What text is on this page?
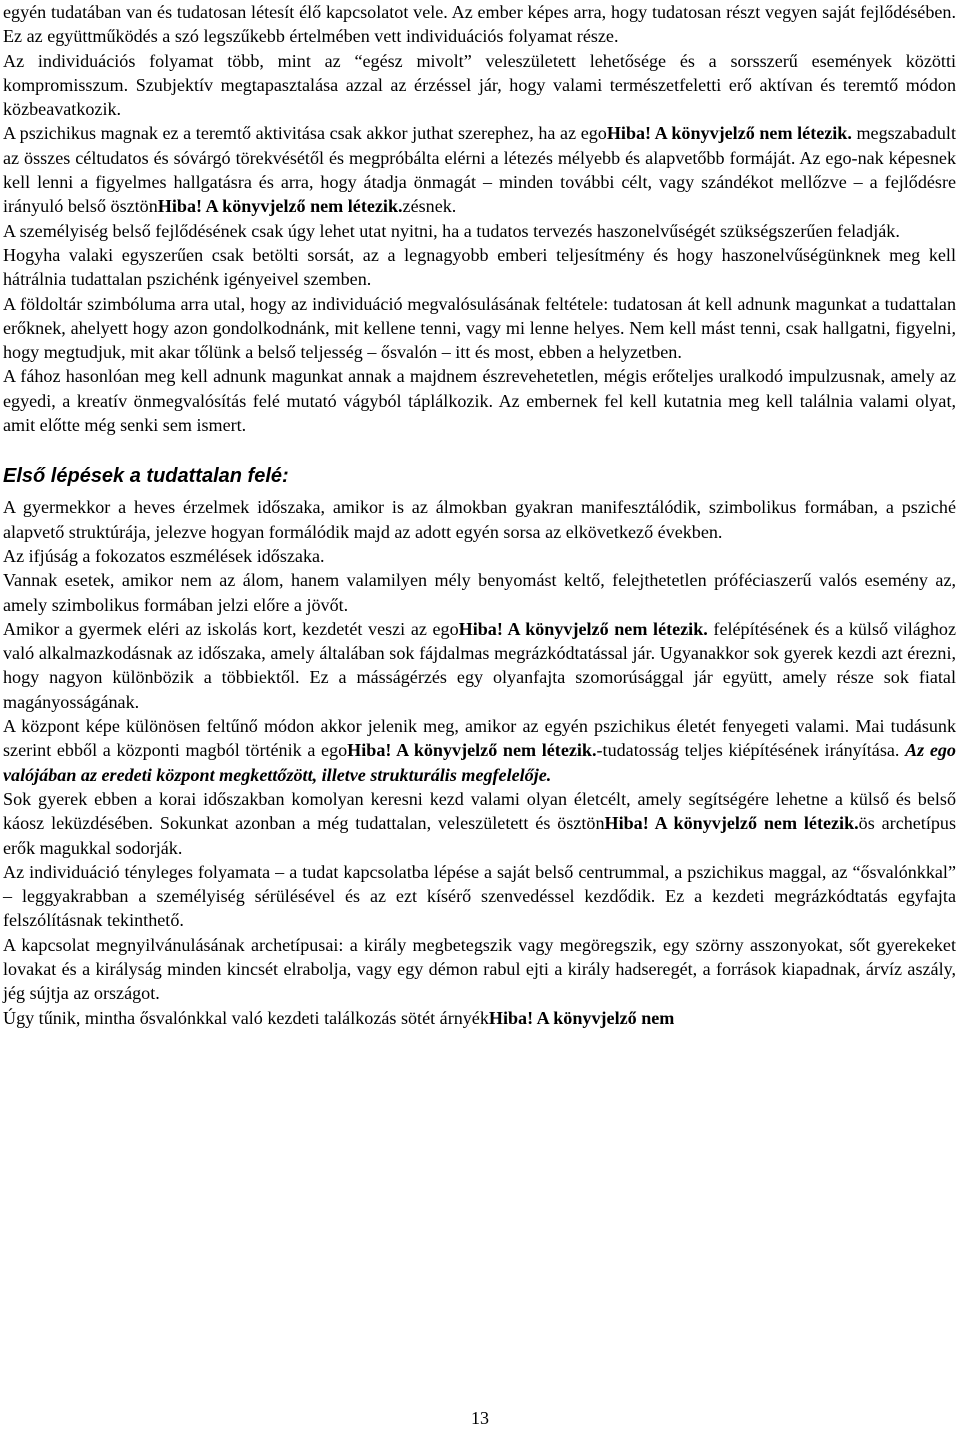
egyén tudatában van és tudatosan létesít élő kapcsolatot vele. Az ember képes arra, hogy tudatosan részt vegyen saját fejlődésében. Ez az együttműködés a szó legszűkebb értelmében vett individuációs folyamat része.

Az individuációs folyamat több, mint az “egész mivolt” veleszületett lehetősége és a sorsszerű események közötti kompromisszum. Szubjektív megtapasztalása azzal az érzéssel jár, hogy valami természetfeletti erő aktívan és teremtő módon közbeavatkozik.

A pszichikus magnak ez a teremtő aktivitása csak akkor juthat szerephez, ha az egoHiba! A könyvjelző nem létezik. megszabadult az összes céltudatos és sóvárgó törekvésétől és megpróbálta elérni a létezés mélyebb és alapvetőbb formáját. Az ego-nak képesnek kell lenni a figyelmes hallgatásra és arra, hogy átadja önmagát – minden további célt, vagy szándékot mellőzve – a fejlődésre irányuló belső ösztönHiba! A könyvjelző nem létezik.zésnek.

A személyiség belső fejlődésének csak úgy lehet utat nyitni, ha a tudatos tervezés haszonelvűségét szükségszerűen feladják.

Hogyha valaki egyszerűen csak betölti sorsát, az a legnagyobb emberi teljesítmény és hogy haszonelvűségünknek meg kell hátrálnia tudattalan pszichénk igényeivel szemben.

A földoltár szimbóluma arra utal, hogy az individuáció megvalósulásának feltétele: tudatosan át kell adnunk magunkat a tudattalan erőknek, ahelyett hogy azon gondolkodnánk, mit kellene tenni, vagy mi lenne helyes. Nem kell mást tenni, csak hallgatni, figyelni, hogy megtudjuk, mit akar tőlünk a belső teljesség – ősvalón – itt és most, ebben a helyzetben.

A fához hasonlóan meg kell adnunk magunkat annak a majdnem észrevehetetlen, mégis erőteljes uralkodó impulzusnak, amely az egyedi, a kreatív önmegvalósítás felé mutató vágyból táplálkozik. Az embernek fel kell kutatnia meg kell találnia valami olyat, amit előtte még senki sem ismert.

Első lépések a tudattalan felé:

A gyermekkor a heves érzelmek időszaka, amikor is az álmokban gyakran manifesztálódik, szimbolikus formában, a psziché alapvető struktúrája, jelezve hogyan formálódik majd az adott egyén sorsa az elkövetkező években.

Az ifjúság a fokozatos eszmélések időszaka.

Vannak esetek, amikor nem az álom, hanem valamilyen mély benyomást keltő, felejthetetlen próféciaszerű valós esemény az, amely szimbolikus formában jelzi előre a jövőt.

Amikor a gyermek eléri az iskolás kort, kezdetét veszi az egoHiba! A könyvjelző nem létezik. felépítésének és a külső világhoz való alkalmazkodásnak az időszaka, amely általában sok fájdalmas megrázkódtatással jár. Ugyanakkor sok gyerek kezdi azt érezni, hogy nagyon különbözik a többiektől. Ez a másságérzés egy olyanfajta szomorúsággal jár együtt, amely része sok fiatal magányosságának.

A központ képe különösen feltűnő módon akkor jelenik meg, amikor az egyén pszichikus életét fenyegeti valami. Mai tudásunk szerint ebből a központi magból történik a egoHiba! A könyvjelző nem létezik.-tudatosság teljes kiépítésének irányítása. Az ego valójában az eredeti központ megkettőzött, illetve strukturális megfelelője.

Sok gyerek ebben a korai időszakban komolyan keresni kezd valami olyan életcélt, amely segítségére lehetne a külső és belső káosz leküzdésében. Sokunkat azonban a még tudattalan, veleszületett és ösztönHiba! A könyvjelző nem létezik.ös archetípus erők magukkal sodorják.

Az individuáció tényleges folyamata – a tudat kapcsolatba lépése a saját belső centrummal, a pszichikus maggal, az “ősvalónkkal” – leggyakrabban a személyiség sérülésével és az ezt kísérő szenvedéssel kezdődik. Ez a kezdeti megrázkódtatás egyfajta felszólításnak tekinthető.

A kapcsolat megnyilvánulásának archetípusai: a király megbetegszik vagy megöregszik, egy szörny asszonyokat, sőt gyerekeket lovakat és a királyság minden kincsét elrabolja, vagy egy démon rabul ejti a király hadseregét, a források kiapadnak, árvíz aszály, jég sújtja az országot.

Úgy tűnik, mintha ősvalónkkal való kezdeti találkozás sötét árnyékHiba! A könyvjelző nem

13
